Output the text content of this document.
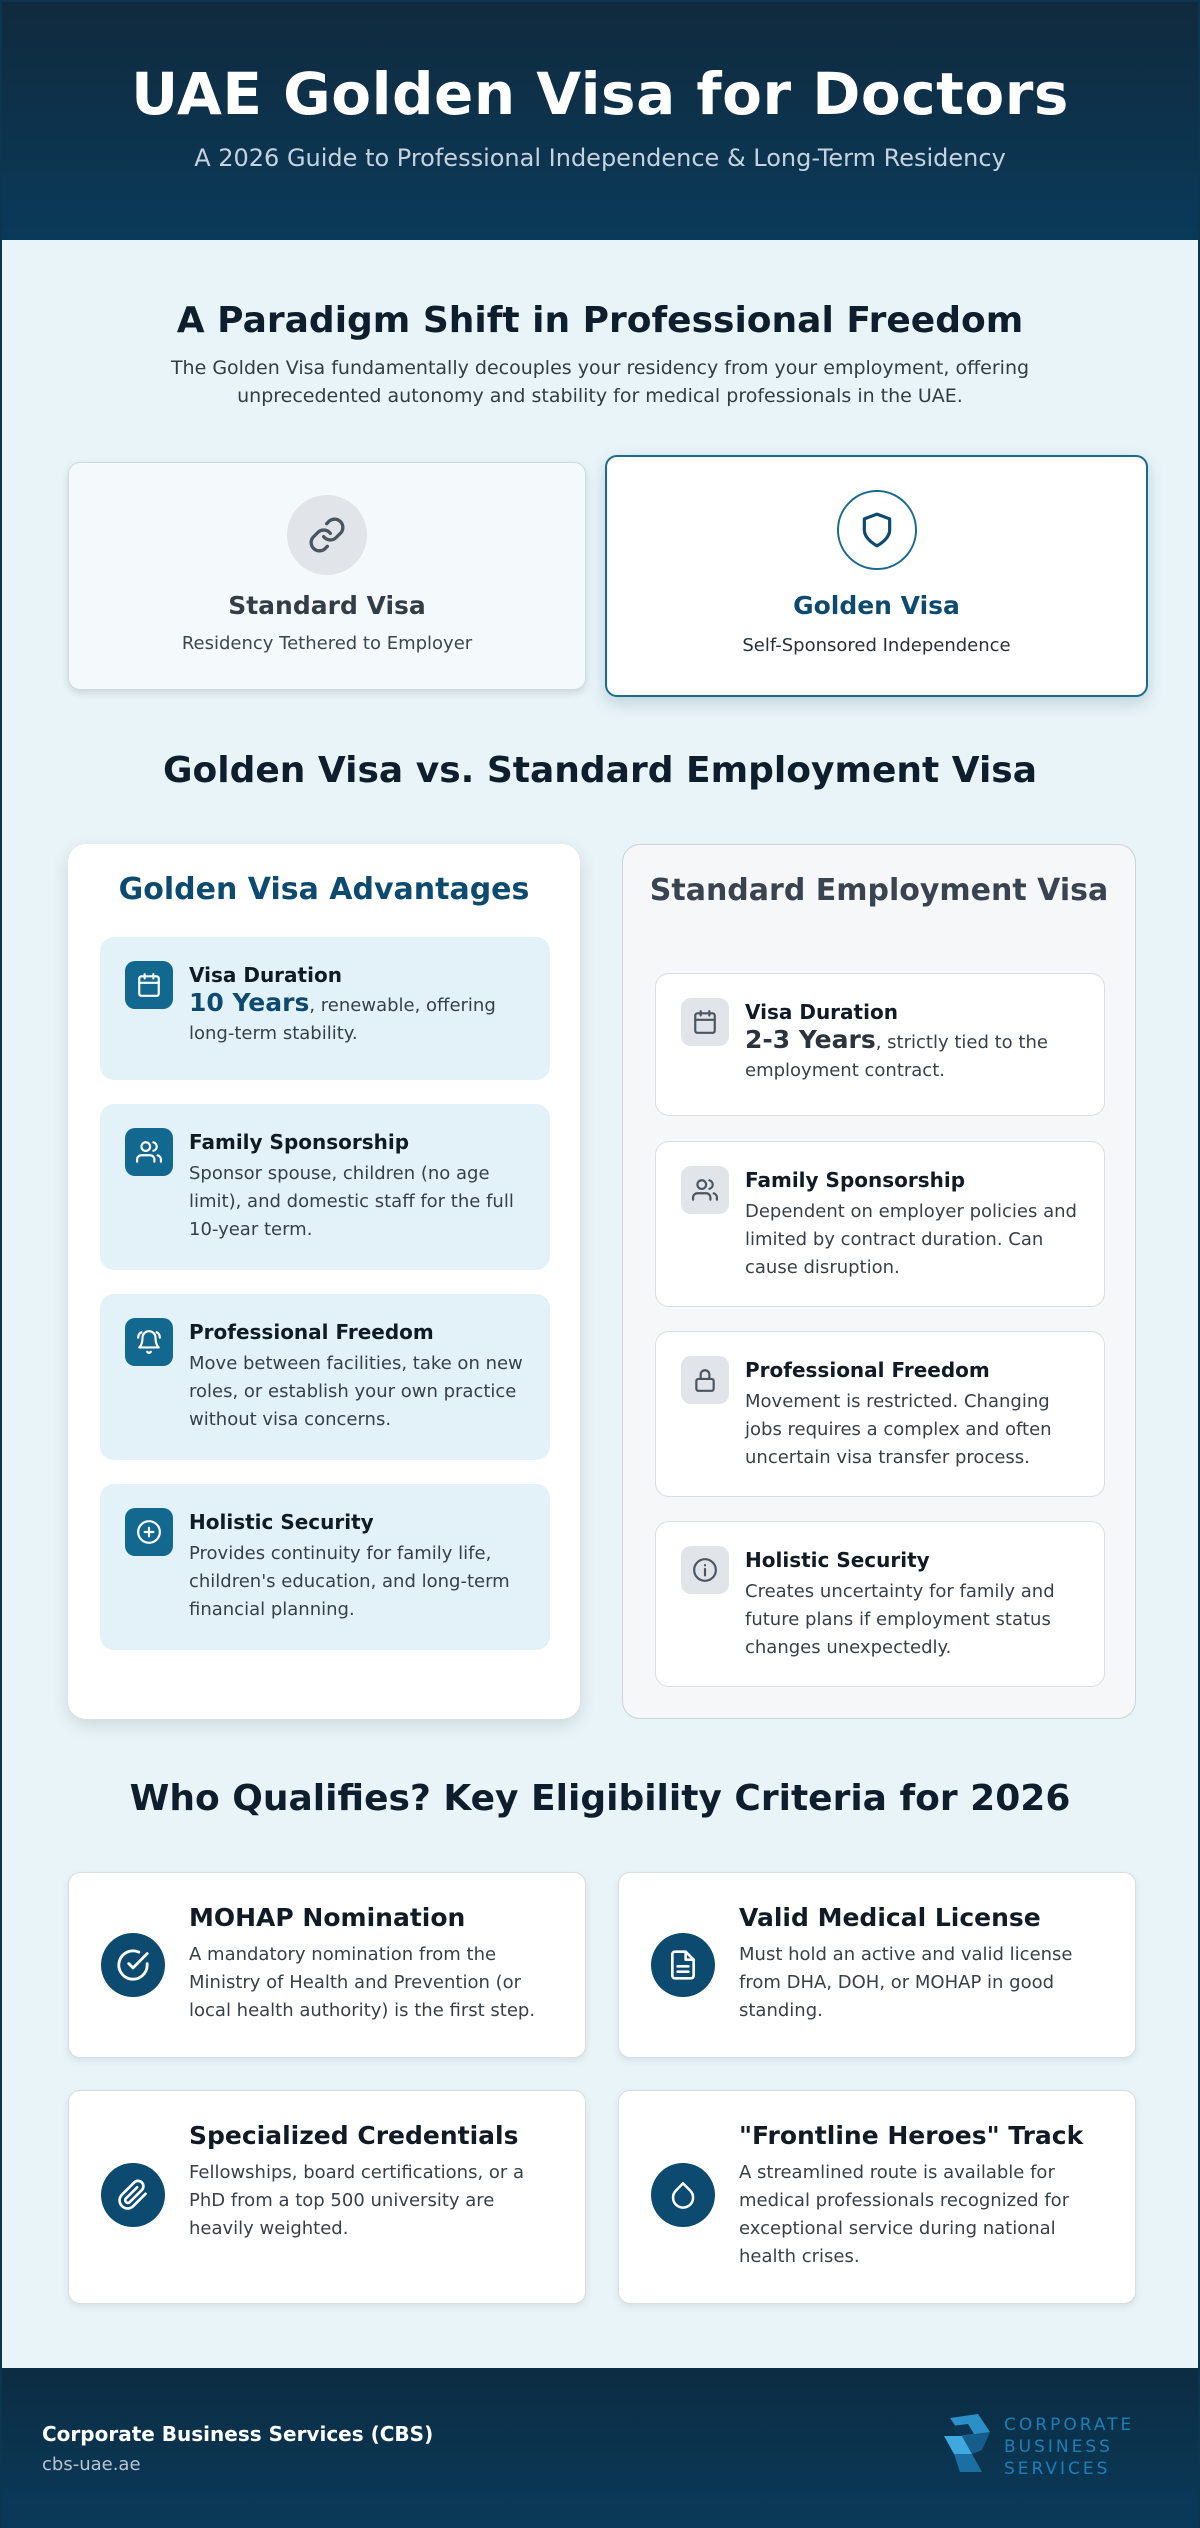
UAE Golden Visa for Doctors
A 2026 Guide to Professional Independence & Long-Term Residency
A Paradigm Shift in Professional Freedom
The Golden Visa fundamentally decouples your residency from your employment, offering unprecedented autonomy and stability for medical professionals in the UAE.
Standard Visa
Residency Tethered to Employer
Golden Visa
Self-Sponsored Independence
Golden Visa vs. Standard Employment Visa
Golden Visa Advantages
Visa Duration
10 Years, renewable, offering long-term stability.
Family Sponsorship
Sponsor spouse, children (no age limit), and domestic staff for the full 10-year term.
Professional Freedom
Move between facilities, take on new roles, or establish your own practice without visa concerns.
Holistic Security
Provides continuity for family life, children's education, and long-term financial planning.
Standard Employment Visa
Visa Duration
2-3 Years, strictly tied to the employment contract.
Family Sponsorship
Dependent on employer policies and limited by contract duration. Can cause disruption.
Professional Freedom
Movement is restricted. Changing jobs requires a complex and often uncertain visa transfer process.
Holistic Security
Creates uncertainty for family and future plans if employment status changes unexpectedly.
Who Qualifies? Key Eligibility Criteria for 2026
MOHAP Nomination
A mandatory nomination from the Ministry of Health and Prevention (or local health authority) is the first step.
Valid Medical License
Must hold an active and valid license from DHA, DOH, or MOHAP in good standing.
Specialized Credentials
Fellowships, board certifications, or a PhD from a top 500 university are heavily weighted.
"Frontline Heroes" Track
A streamlined route is available for medical professionals recognized for exceptional service during national health crises.
Corporate Business Services (CBS)
cbs-uae.ae
CORPORATE
BUSINESS
SERVICES
